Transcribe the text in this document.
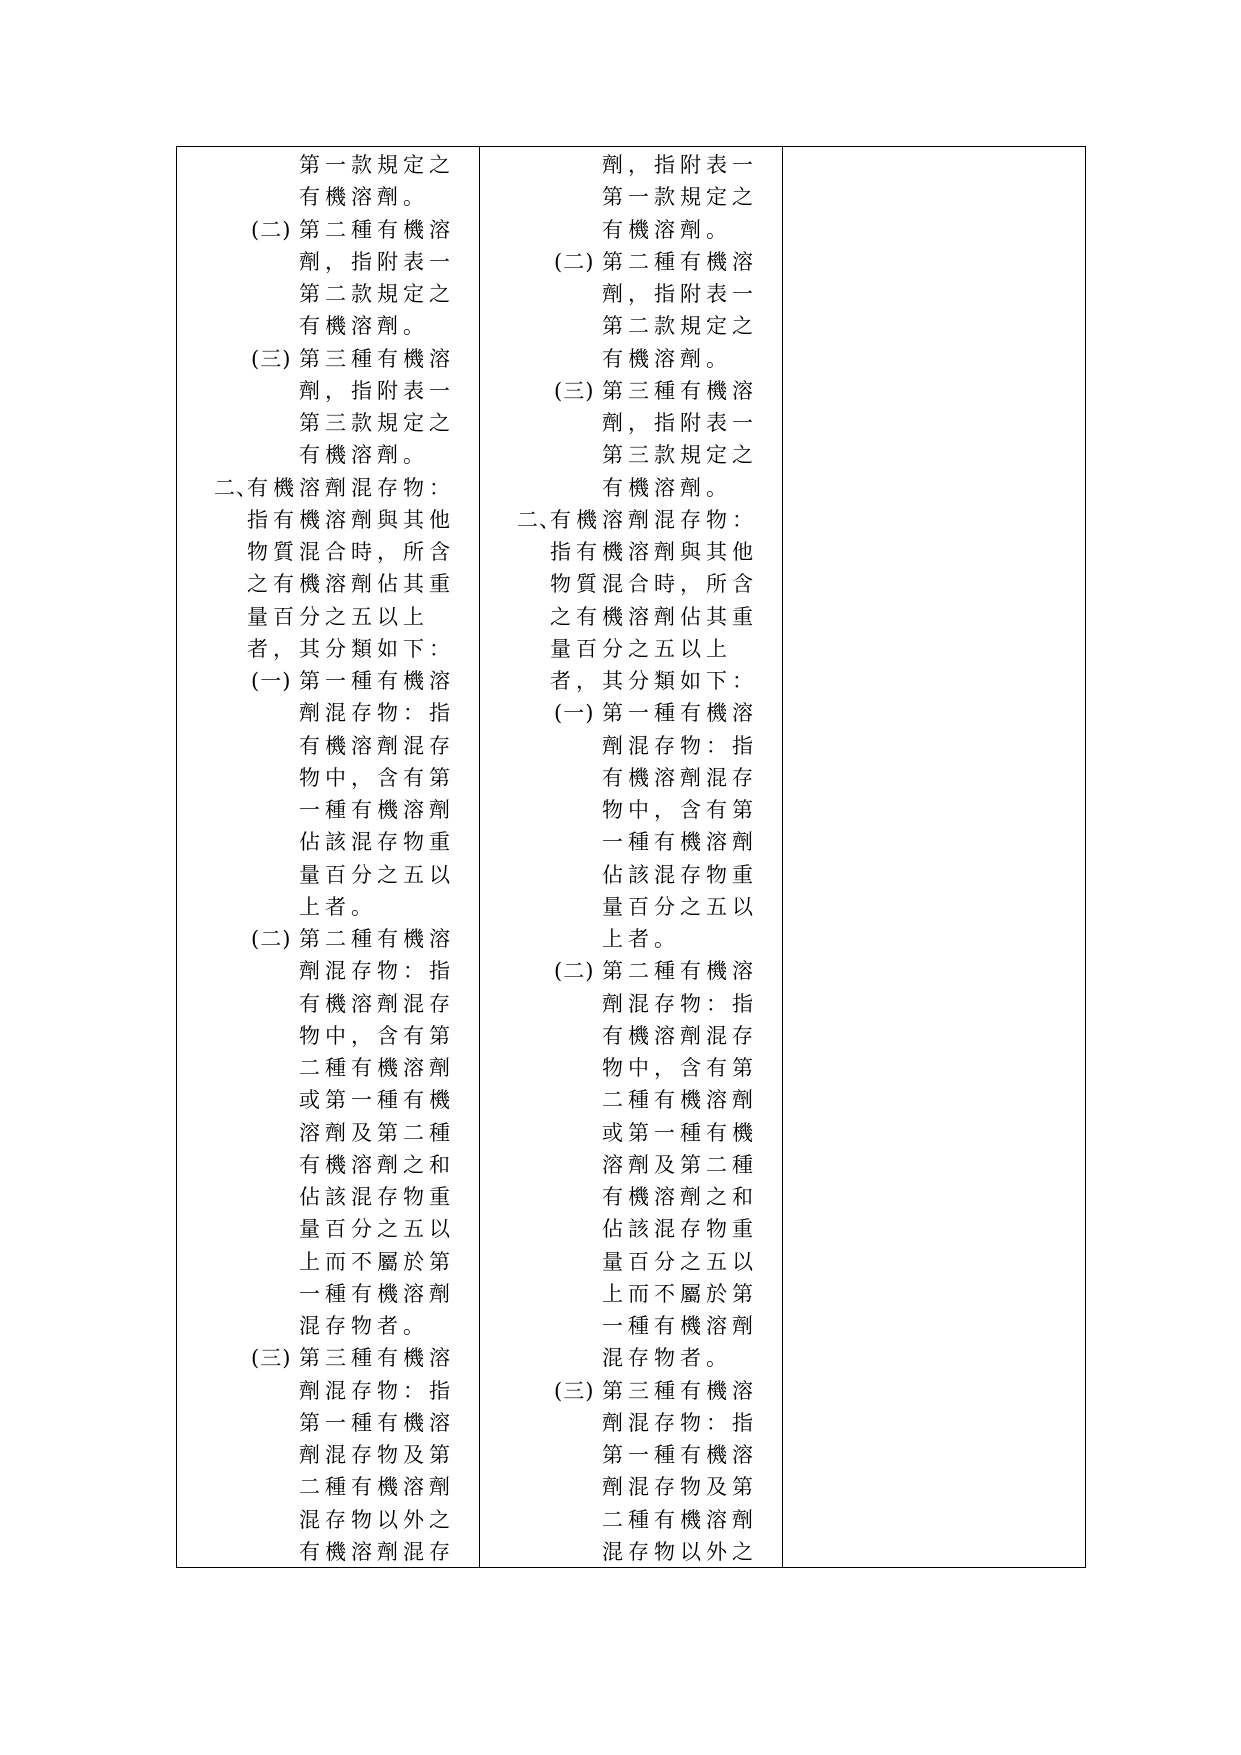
第一款規定之
有機溶劑。
(二) 第二種有機溶
劑，指附表一
第二款規定之
有機溶劑。
(三) 第三種有機溶
劑，指附表一
第三款規定之
有機溶劑。
二、
有機溶劑混存物：
指有機溶劑與其他
物質混合時，所含
之有機溶劑佔其重
量百分之五以上
者，其分類如下：
(一) 第一種有機溶
劑混存物：指
有機溶劑混存
物中，含有第
一種有機溶劑
佔該混存物重
量百分之五以
上者。
(二) 第二種有機溶
劑混存物：指
有機溶劑混存
物中，含有第
二種有機溶劑
或第一種有機
溶劑及第二種
有機溶劑之和
佔該混存物重
量百分之五以
上而不屬於第
一種有機溶劑
混存物者。
(三) 第三種有機溶
劑混存物：指
第一種有機溶
劑混存物及第
二種有機溶劑
混存物以外之
有機溶劑混存
劑，指附表一
第一款規定之
有機溶劑。
(二) 第二種有機溶
劑，指附表一
第二款規定之
有機溶劑。
(三) 第三種有機溶
劑，指附表一
第三款規定之
有機溶劑。
二、
有機溶劑混存物：
指有機溶劑與其他
物質混合時，所含
之有機溶劑佔其重
量百分之五以上
者，其分類如下：
(一) 第一種有機溶
劑混存物：指
有機溶劑混存
物中，含有第
一種有機溶劑
佔該混存物重
量百分之五以
上者。
(二) 第二種有機溶
劑混存物：指
有機溶劑混存
物中，含有第
二種有機溶劑
或第一種有機
溶劑及第二種
有機溶劑之和
佔該混存物重
量百分之五以
上而不屬於第
一種有機溶劑
混存物者。
(三) 第三種有機溶
劑混存物：指
第一種有機溶
劑混存物及第
二種有機溶劑
混存物以外之
